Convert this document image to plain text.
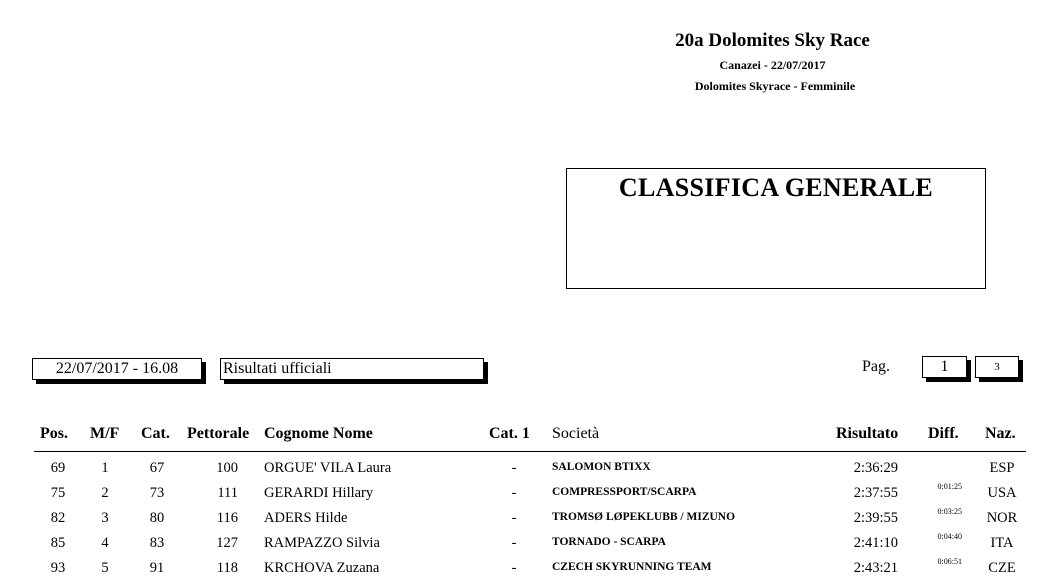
20a Dolomites Sky Race
Canazei - 22/07/2017
Dolomites Skyrace - Femminile
CLASSIFICA GENERALE
22/07/2017 - 16.08	Risultati ufficiali	Pag.	1	3
Pos. M/F Cat. Pettorale Cognome Nome	Cat. 1 Società	Risultato Diff. Naz.
69	1	67	100 ORGUE' VILA Laura	-	SALOMON BTIXX	2:36:29	ESP
75	2	73	111 GERARDI Hillary	-	COMPRESSPORT/SCARPA	2:37:55	0:01:25 USA
82	3	80	116 ADERS Hilde	-	TROMSØ LØPEKLUBB / MIZUNO	2:39:55	0:03:25 NOR
85	4	83	127 RAMPAZZO Silvia	-	TORNADO - SCARPA	2:41:10	0:04:40	ITA
93	5	91	118 KRCHOVA Zuzana	-	CZECH SKYRUNNING TEAM	2:43:21	0:06:51 CZE
